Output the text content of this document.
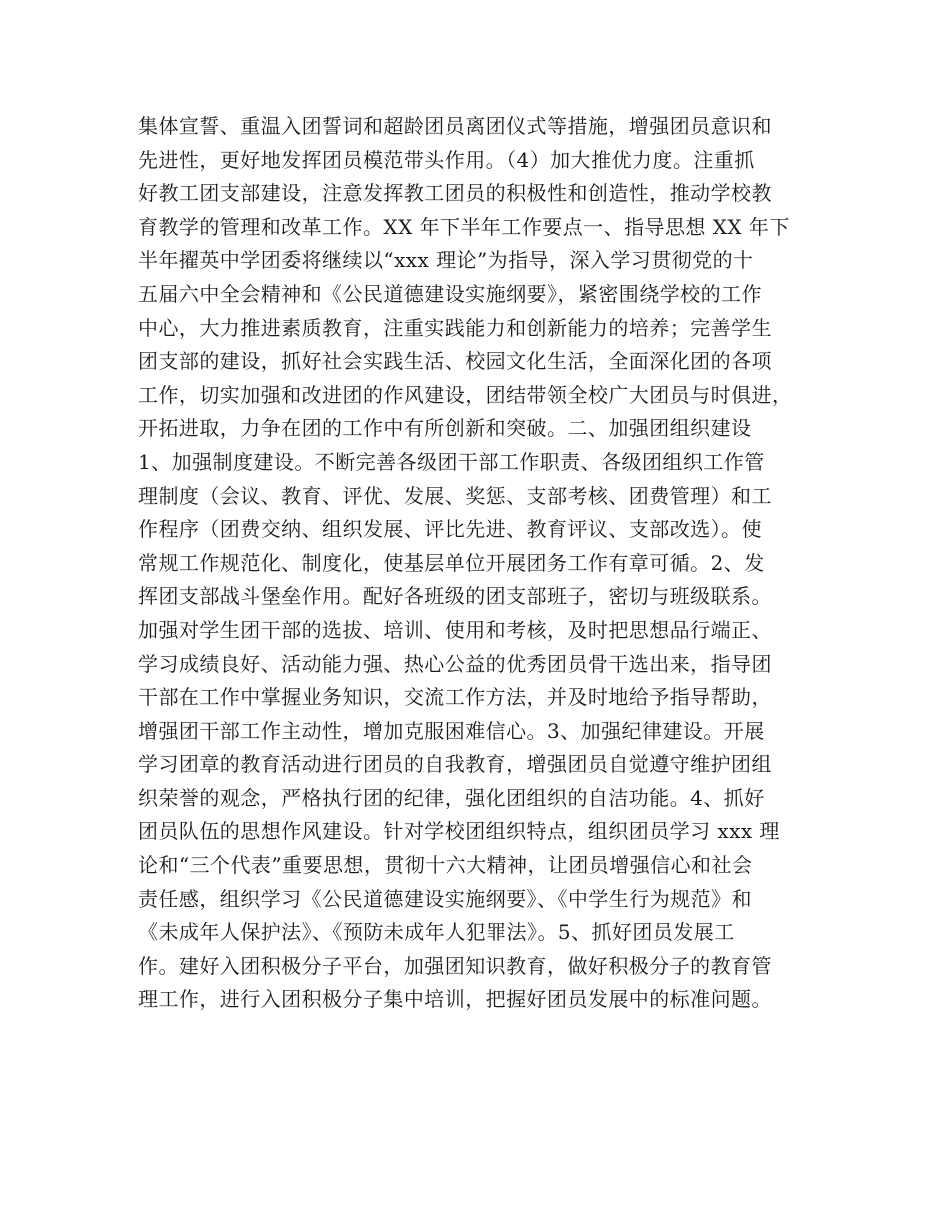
集体宣誓、重温入团誓词和超龄团员离团仪式等措施，增强团员意识和
先进性，更好地发挥团员模范带头作用。（4）加大推优力度。注重抓
好教工团支部建设，注意发挥教工团员的积极性和创造性，推动学校教
育教学的管理和改革工作。XX 年下半年工作要点一、指导思想 XX 年下
半年擢英中学团委将继续以“xxx 理论”为指导，深入学习贯彻党的十
五届六中全会精神和《公民道德建设实施纲要》，紧密围绕学校的工作
中心，大力推进素质教育，注重实践能力和创新能力的培养；完善学生
团支部的建设，抓好社会实践生活、校园文化生活，全面深化团的各项
工作，切实加强和改进团的作风建设，团结带领全校广大团员与时俱进，
开拓进取，力争在团的工作中有所创新和突破。二、加强团组织建设
1、加强制度建设。不断完善各级团干部工作职责、各级团组织工作管
理制度（会议、教育、评优、发展、奖惩、支部考核、团费管理）和工
作程序（团费交纳、组织发展、评比先进、教育评议、支部改选）。使
常规工作规范化、制度化，使基层单位开展团务工作有章可循。2、发
挥团支部战斗堡垒作用。配好各班级的团支部班子，密切与班级联系。
加强对学生团干部的选拔、培训、使用和考核，及时把思想品行端正、
学习成绩良好、活动能力强、热心公益的优秀团员骨干选出来，指导团
干部在工作中掌握业务知识，交流工作方法，并及时地给予指导帮助，
增强团干部工作主动性，增加克服困难信心。3、加强纪律建设。开展
学习团章的教育活动进行团员的自我教育，增强团员自觉遵守维护团组
织荣誉的观念，严格执行团的纪律，强化团组织的自洁功能。4、抓好
团员队伍的思想作风建设。针对学校团组织特点，组织团员学习 xxx 理
论和“三个代表”重要思想，贯彻十六大精神，让团员增强信心和社会
责任感，组织学习《公民道德建设实施纲要》、《中学生行为规范》和
《未成年人保护法》、《预防未成年人犯罪法》。5、抓好团员发展工
作。建好入团积极分子平台，加强团知识教育，做好积极分子的教育管
理工作，进行入团积极分子集中培训，把握好团员发展中的标准问题。
